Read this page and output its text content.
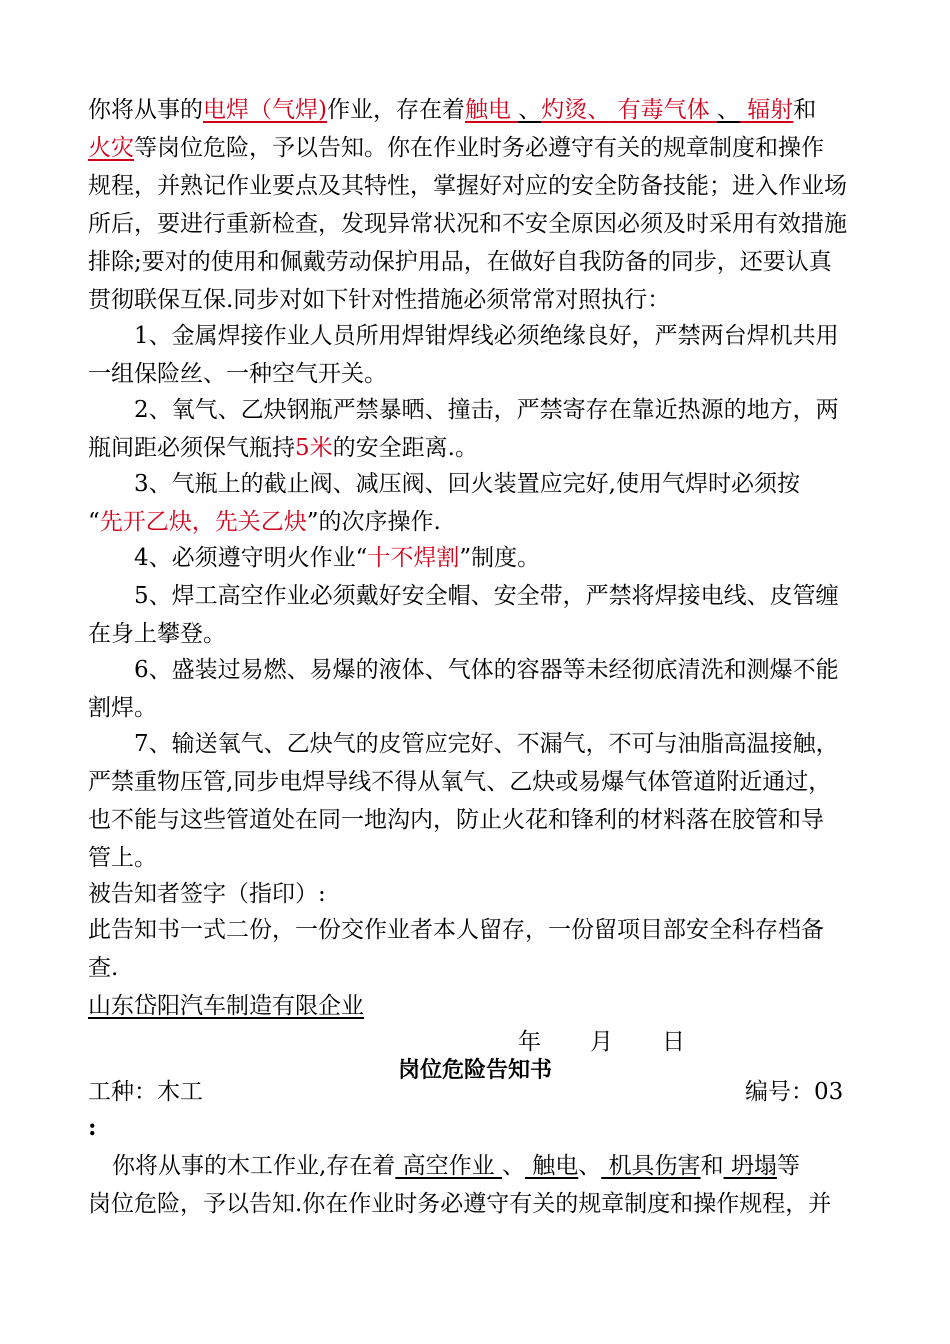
你将从事的电焊（气焊)作业，存在着触电 、灼烫、 有毒气体 、 辐射和
火灾等岗位危险，予以告知。你在作业时务必遵守有关的规章制度和操作
规程，并熟记作业要点及其特性，掌握好对应的安全防备技能；进入作业场
所后，要进行重新检查，发现异常状况和不安全原因必须及时采用有效措施
排除;要对的使用和佩戴劳动保护用品，在做好自我防备的同步，还要认真
贯彻联保互保.同步对如下针对性措施必须常常对照执行：
1、金属焊接作业人员所用焊钳焊线必须绝缘良好，严禁两台焊机共用
一组保险丝、一种空气开关。
2、氧气、乙炔钢瓶严禁暴晒、撞击，严禁寄存在靠近热源的地方，两
瓶间距必须保气瓶持5米的安全距离.。
3、气瓶上的截止阀、减压阀、回火装置应完好,使用气焊时必须按
“先开乙炔，先关乙炔”的次序操作.
4、必须遵守明火作业“十不焊割”制度。
5、焊工高空作业必须戴好安全帽、安全带，严禁将焊接电线、皮管缠
在身上攀登。
6、盛装过易燃、易爆的液体、气体的容器等未经彻底清洗和测爆不能
割焊。
7、输送氧气、乙炔气的皮管应完好、不漏气，不可与油脂高温接触，
严禁重物压管,同步电焊导线不得从氧气、乙炔或易爆气体管道附近通过，
也不能与这些管道处在同一地沟内，防止火花和锋利的材料落在胶管和导
管上。
被告知者签字（指印）:
此告知书一式二份，一份交作业者本人留存，一份留项目部安全科存档备
查.
山东岱阳汽车制造有限企业
年 月 日
岗位危险告知书
工种：木工	编号：03
:
你将从事的木工作业,存在着 高空作业 、 触电、 机具伤害和 坍塌等
岗位危险，予以告知.你在作业时务必遵守有关的规章制度和操作规程，并
